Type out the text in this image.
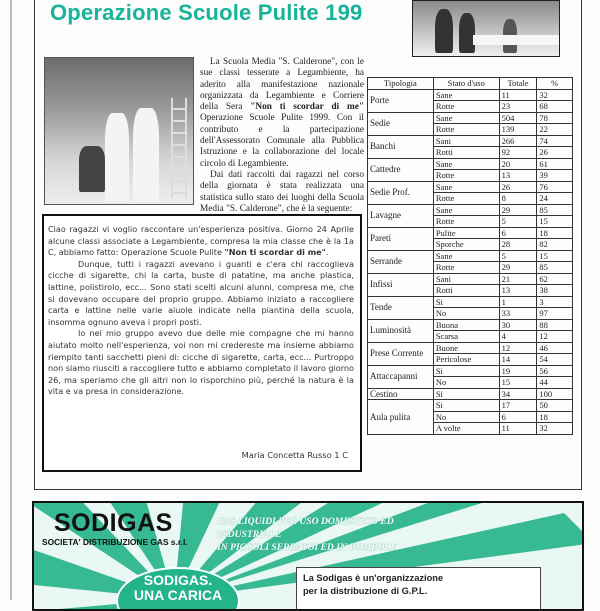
Operazione Scuole Pulite 199

La Scuola Media "S. Calderone", con le sue classi tesserate a Legambiente, ha aderito alla manifestazione nazionale organizzata da Legambiente e Corriere della Sera "Non ti scordar di me" Operazione Scuole Pulite 1999. Con il contributo e la partecipazione dell'Assessorato Comunale alla Pubblica Istruzione e la collaborazione del locale circolo di Legambiente.

Dai dati raccolti dai ragazzi nel corso della giornata è stata realizzata una statistica sullo stato dei luoghi della Scuola Media "S. Calderone", che è la seguente:

Ciao ragazzi vi voglio raccontare un'esperienza positiva. Giorno 24 Aprile alcune classi associate a Legambiente, compresa la mia classe che è la 1a C, abbiamo fatto: Operazione Scuole Pulite "Non ti scordar di me".

Dunque, tutti i ragazzi avevano i guanti e c'era chi raccoglieva cicche di sigarette, chi la carta, buste di patatine, ma anche plastica, lattine, polistirolo, ecc... Sono stati scelti alcuni alunni, compresa me, che si dovevano occupare del proprio gruppo. Abbiamo iniziato a raccogliere carta e lattine nelle varie aiuole indicate nella piantina della scuola, insomma ognuno aveva i propri posti.

Io nel mio gruppo avevo due delle mie compagne che mi hanno aiutato molto nell'esperienza, voi non mi credereste ma insieme abbiamo riempito tanti sacchetti pieni di: cicche di sigarette, carta, ecc... Purtroppo non siamo riusciti a raccogliere tutto e abbiamo completato il lavoro giorno 26, ma speriamo che gli altri non lo risporchino più, perché la natura è la vita e va presa in considerazione.

Maria Concetta Russo 1 C
Tipologia	Stato d'uso	Totale	%
Porte	Sane	11	32
	Rotte	23	68
Sedie	Sane	504	78
	Rotte	139	22
Banchi	Sani	266	74
	Rotti	92	26
Cattedre	Sane	20	61
	Rotte	13	39
Sedie Prof.	Sane	26	76
	Rotte	8	24
Lavagne	Sane	29	85
	Rotte	5	15
Pareti	Pulite	6	18
	Sporche	28	82
Serrande	Sane	5	15
	Rotte	29	85
Infissi	Sani	21	62
	Rotti	13	38
Tende	Si	1	3
	No	33	97
Luminosità	Buona	30	88
	Scarsa	4	12
Prese Corrente	Buone	12	46
	Pericolose	14	54
Attaccapanni	Si	19	56
	No	15	44
Cestino	Si	34	100
Aula pulita	Si	17	50
	No	6	18
	A volte	11	32
SODIGAS
SOCIETA' DISTRIBUZIONE GAS s.r.l.
GAS LIQUIDI PER USO DOMESTICO ED INDUSTRIALE
IN PICCOLI SERBATOI ED IN BOMBOLE
SODIGAS.
UNA CARICA
La Sodigas è un'organizzazione
per la distribuzione di G.P.L.
